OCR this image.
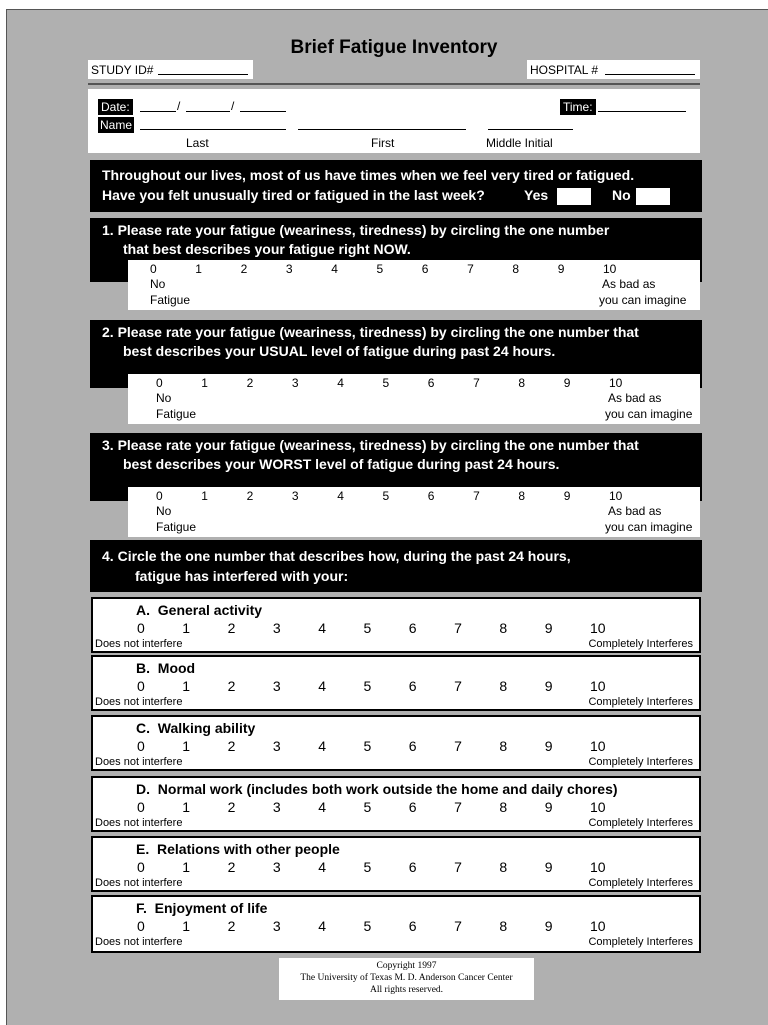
Brief Fatigue Inventory
STUDY ID#	HOSPITAL #
Date:	/	/	Time:
Name
Last	First	Middle Initial
Throughout our lives, most of us have times when we feel very tired or fatigued.
Have you felt unusually tired or fatigued in the last week?	Yes	No
1. Please rate your fatigue (weariness, tiredness) by circling the one number
that best describes your fatigue right NOW.
0	1	2	3	4	5	6	7	8	9	10
No
Fatigue
As bad as
you can imagine
2. Please rate your fatigue (weariness, tiredness) by circling the one number that
best describes your USUAL level of fatigue during past 24 hours.
0	1	2	3	4	5	6	7	8	9	10
No
Fatigue
As bad as
you can imagine
3. Please rate your fatigue (weariness, tiredness) by circling the one number that
best describes your WORST level of fatigue during past 24 hours.
0	1	2	3	4	5	6	7	8	9	10
No
Fatigue
As bad as
you can imagine
4. Circle the one number that describes how, during the past 24 hours,
fatigue has interfered with your:
A. General activity
0	1	2	3	4	5	6	7	8	9	10
Does not interfere	Completely Interferes
B. Mood
0	1	2	3	4	5	6	7	8	9	10
Does not interfere	Completely Interferes
C. Walking ability
0	1	2	3	4	5	6	7	8	9	10
Does not interfere	Completely Interferes
D. Normal work (includes both work outside the home and daily chores)
0	1	2	3	4	5	6	7	8	9	10
Does not interfere	Completely Interferes
E. Relations with other people
0	1	2	3	4	5	6	7	8	9	10
Does not interfere	Completely Interferes
F. Enjoyment of life
0	1	2	3	4	5	6	7	8	9	10
Does not interfere	Completely Interferes
Copyright 1997
The University of Texas M. D. Anderson Cancer Center
All rights reserved.
